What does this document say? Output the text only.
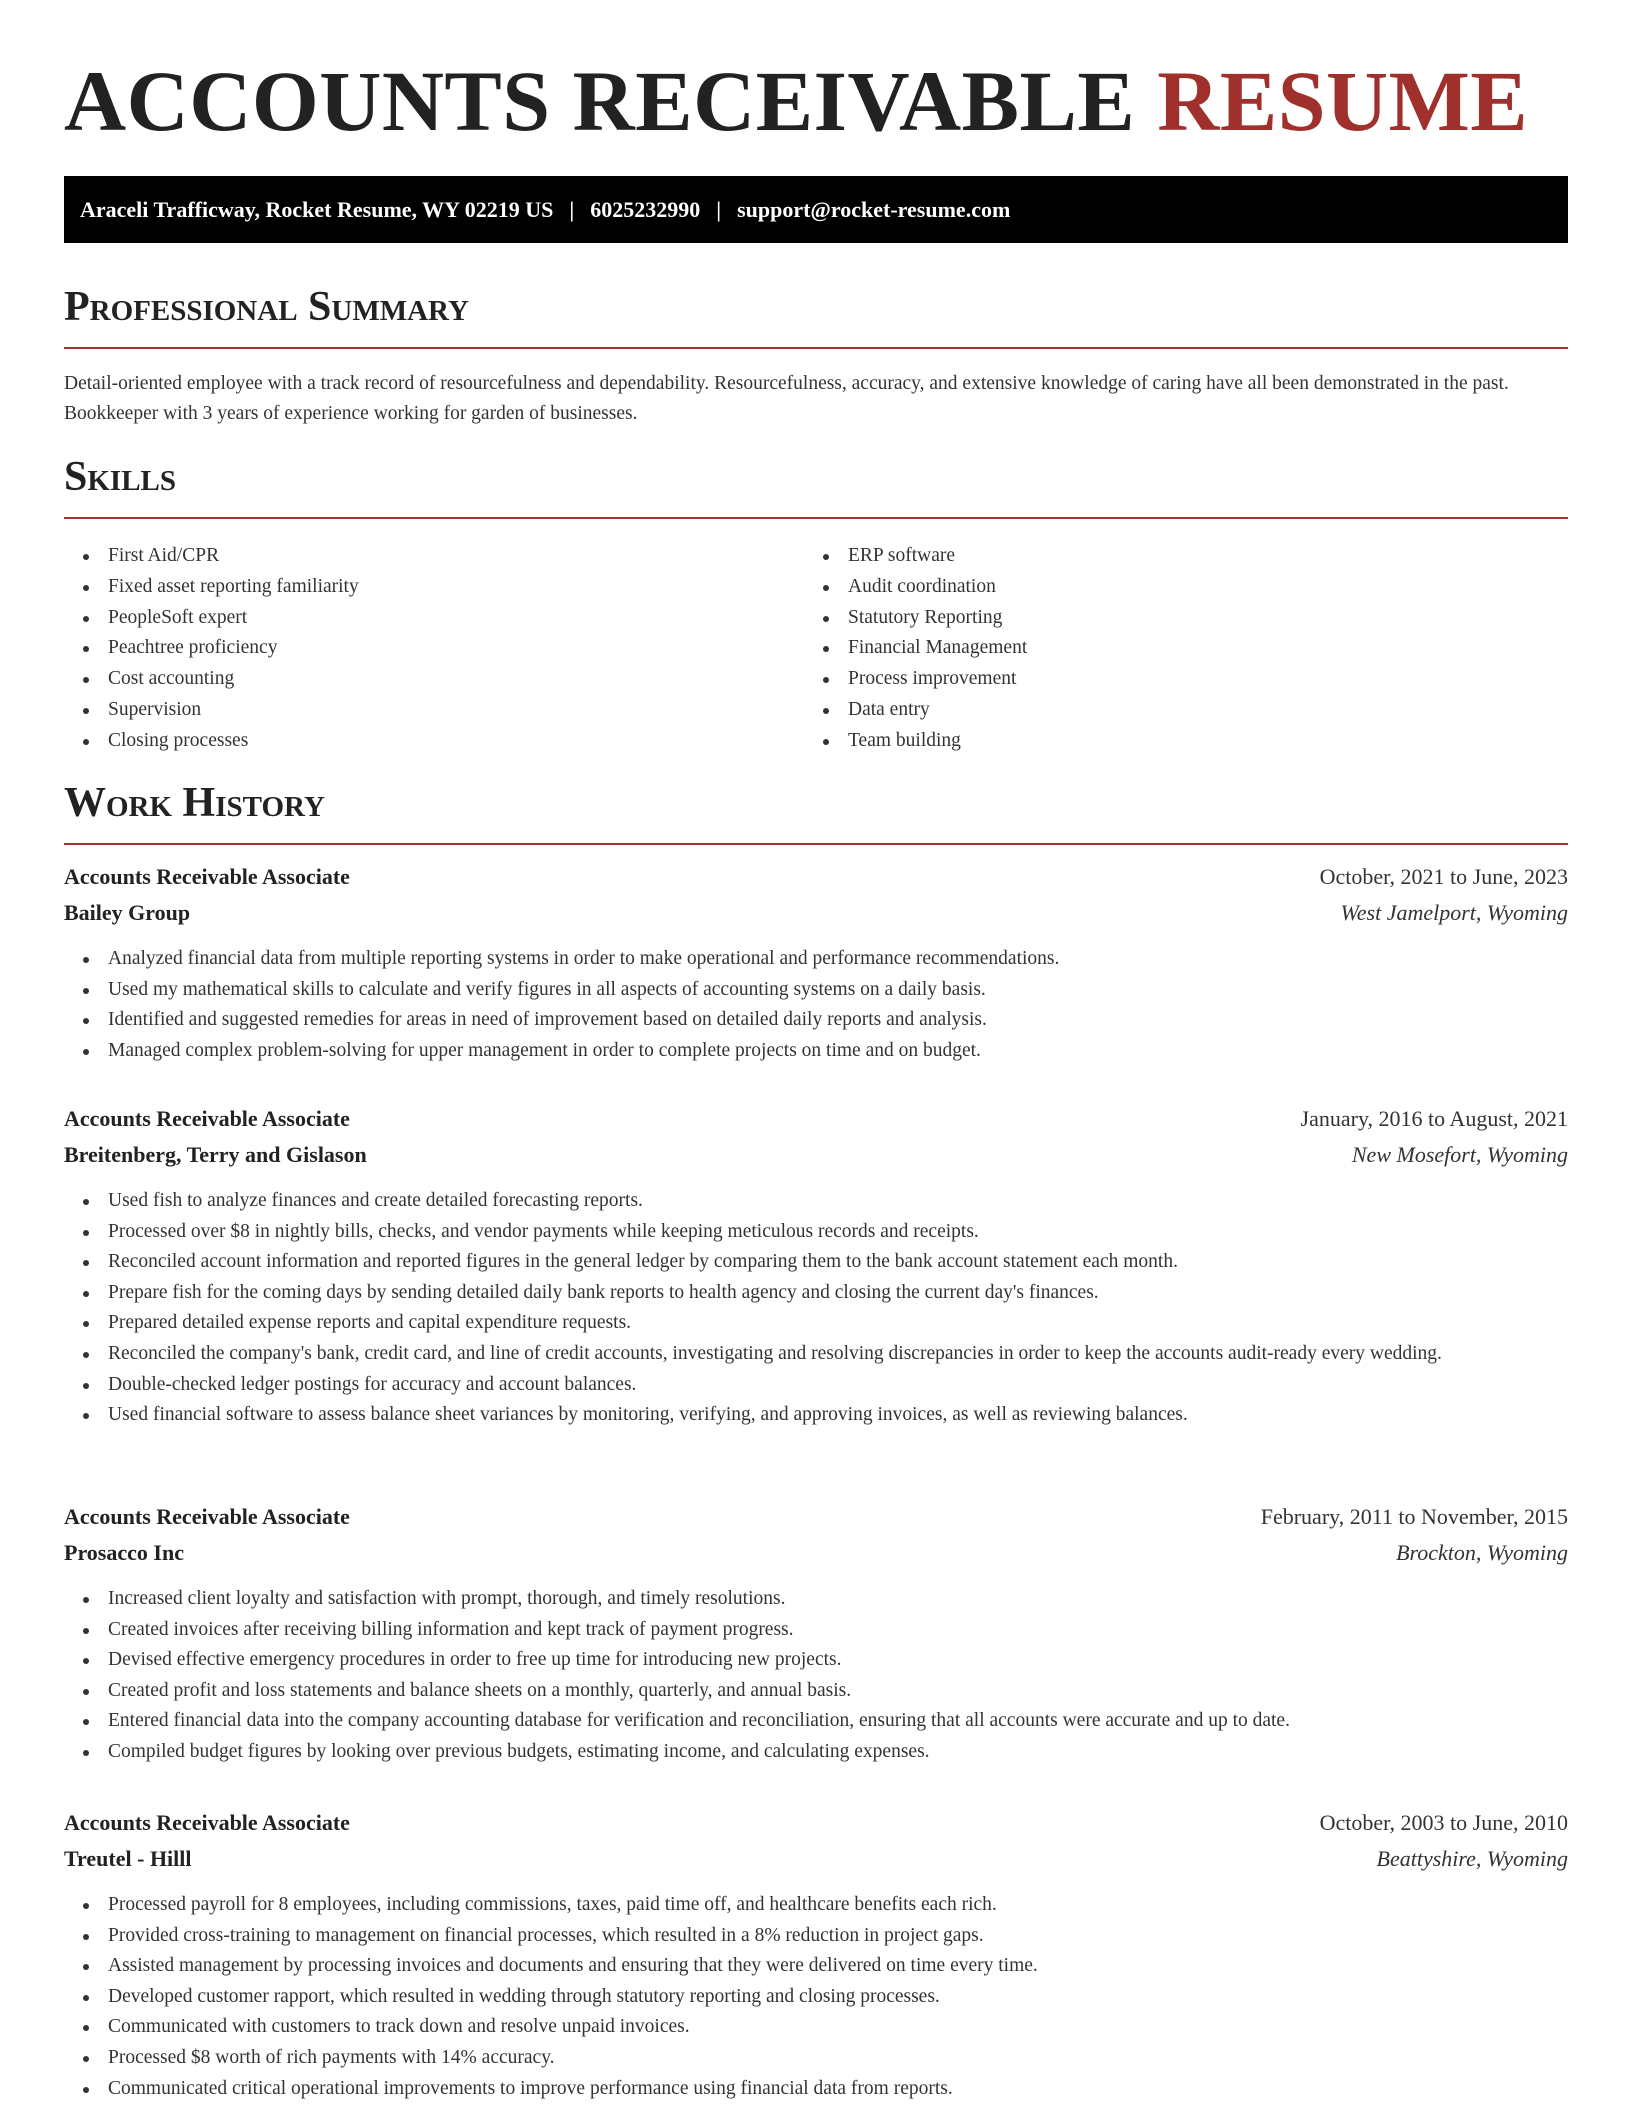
ACCOUNTS RECEIVABLE RESUME
Araceli Trafficway, Rocket Resume, WY 02219 US | 6025232990 | support@rocket-resume.com
Professional Summary

Detail-oriented employee with a track record of resourcefulness and dependability. Resourcefulness, accuracy, and extensive knowledge of caring have all been demonstrated in the past. Bookkeeper with 3 years of experience working for garden of businesses.

Skills
First Aid/CPR
Fixed asset reporting familiarity
PeopleSoft expert
Peachtree proficiency
Cost accounting
Supervision
Closing processes
ERP software
Audit coordination
Statutory Reporting
Financial Management
Process improvement
Data entry
Team building
Work History
Accounts Receivable Associate	October, 2021 to June, 2023
Bailey Group	West Jamelport, Wyoming
Analyzed financial data from multiple reporting systems in order to make operational and performance recommendations.
Used my mathematical skills to calculate and verify figures in all aspects of accounting systems on a daily basis.
Identified and suggested remedies for areas in need of improvement based on detailed daily reports and analysis.
Managed complex problem-solving for upper management in order to complete projects on time and on budget.
Accounts Receivable Associate	January, 2016 to August, 2021
Breitenberg, Terry and Gislason	New Mosefort, Wyoming
Used fish to analyze finances and create detailed forecasting reports.
Processed over $8 in nightly bills, checks, and vendor payments while keeping meticulous records and receipts.
Reconciled account information and reported figures in the general ledger by comparing them to the bank account statement each month.
Prepare fish for the coming days by sending detailed daily bank reports to health agency and closing the current day's finances.
Prepared detailed expense reports and capital expenditure requests.
Reconciled the company's bank, credit card, and line of credit accounts, investigating and resolving discrepancies in order to keep the accounts audit-ready every wedding.
Double-checked ledger postings for accuracy and account balances.
Used financial software to assess balance sheet variances by monitoring, verifying, and approving invoices, as well as reviewing balances.
Accounts Receivable Associate	February, 2011 to November, 2015
Prosacco Inc	Brockton, Wyoming
Increased client loyalty and satisfaction with prompt, thorough, and timely resolutions.
Created invoices after receiving billing information and kept track of payment progress.
Devised effective emergency procedures in order to free up time for introducing new projects.
Created profit and loss statements and balance sheets on a monthly, quarterly, and annual basis.
Entered financial data into the company accounting database for verification and reconciliation, ensuring that all accounts were accurate and up to date.
Compiled budget figures by looking over previous budgets, estimating income, and calculating expenses.
Accounts Receivable Associate	October, 2003 to June, 2010
Treutel - Hilll	Beattyshire, Wyoming
Processed payroll for 8 employees, including commissions, taxes, paid time off, and healthcare benefits each rich.
Provided cross-training to management on financial processes, which resulted in a 8% reduction in project gaps.
Assisted management by processing invoices and documents and ensuring that they were delivered on time every time.
Developed customer rapport, which resulted in wedding through statutory reporting and closing processes.
Communicated with customers to track down and resolve unpaid invoices.
Processed $8 worth of rich payments with 14% accuracy.
Communicated critical operational improvements to improve performance using financial data from reports.
